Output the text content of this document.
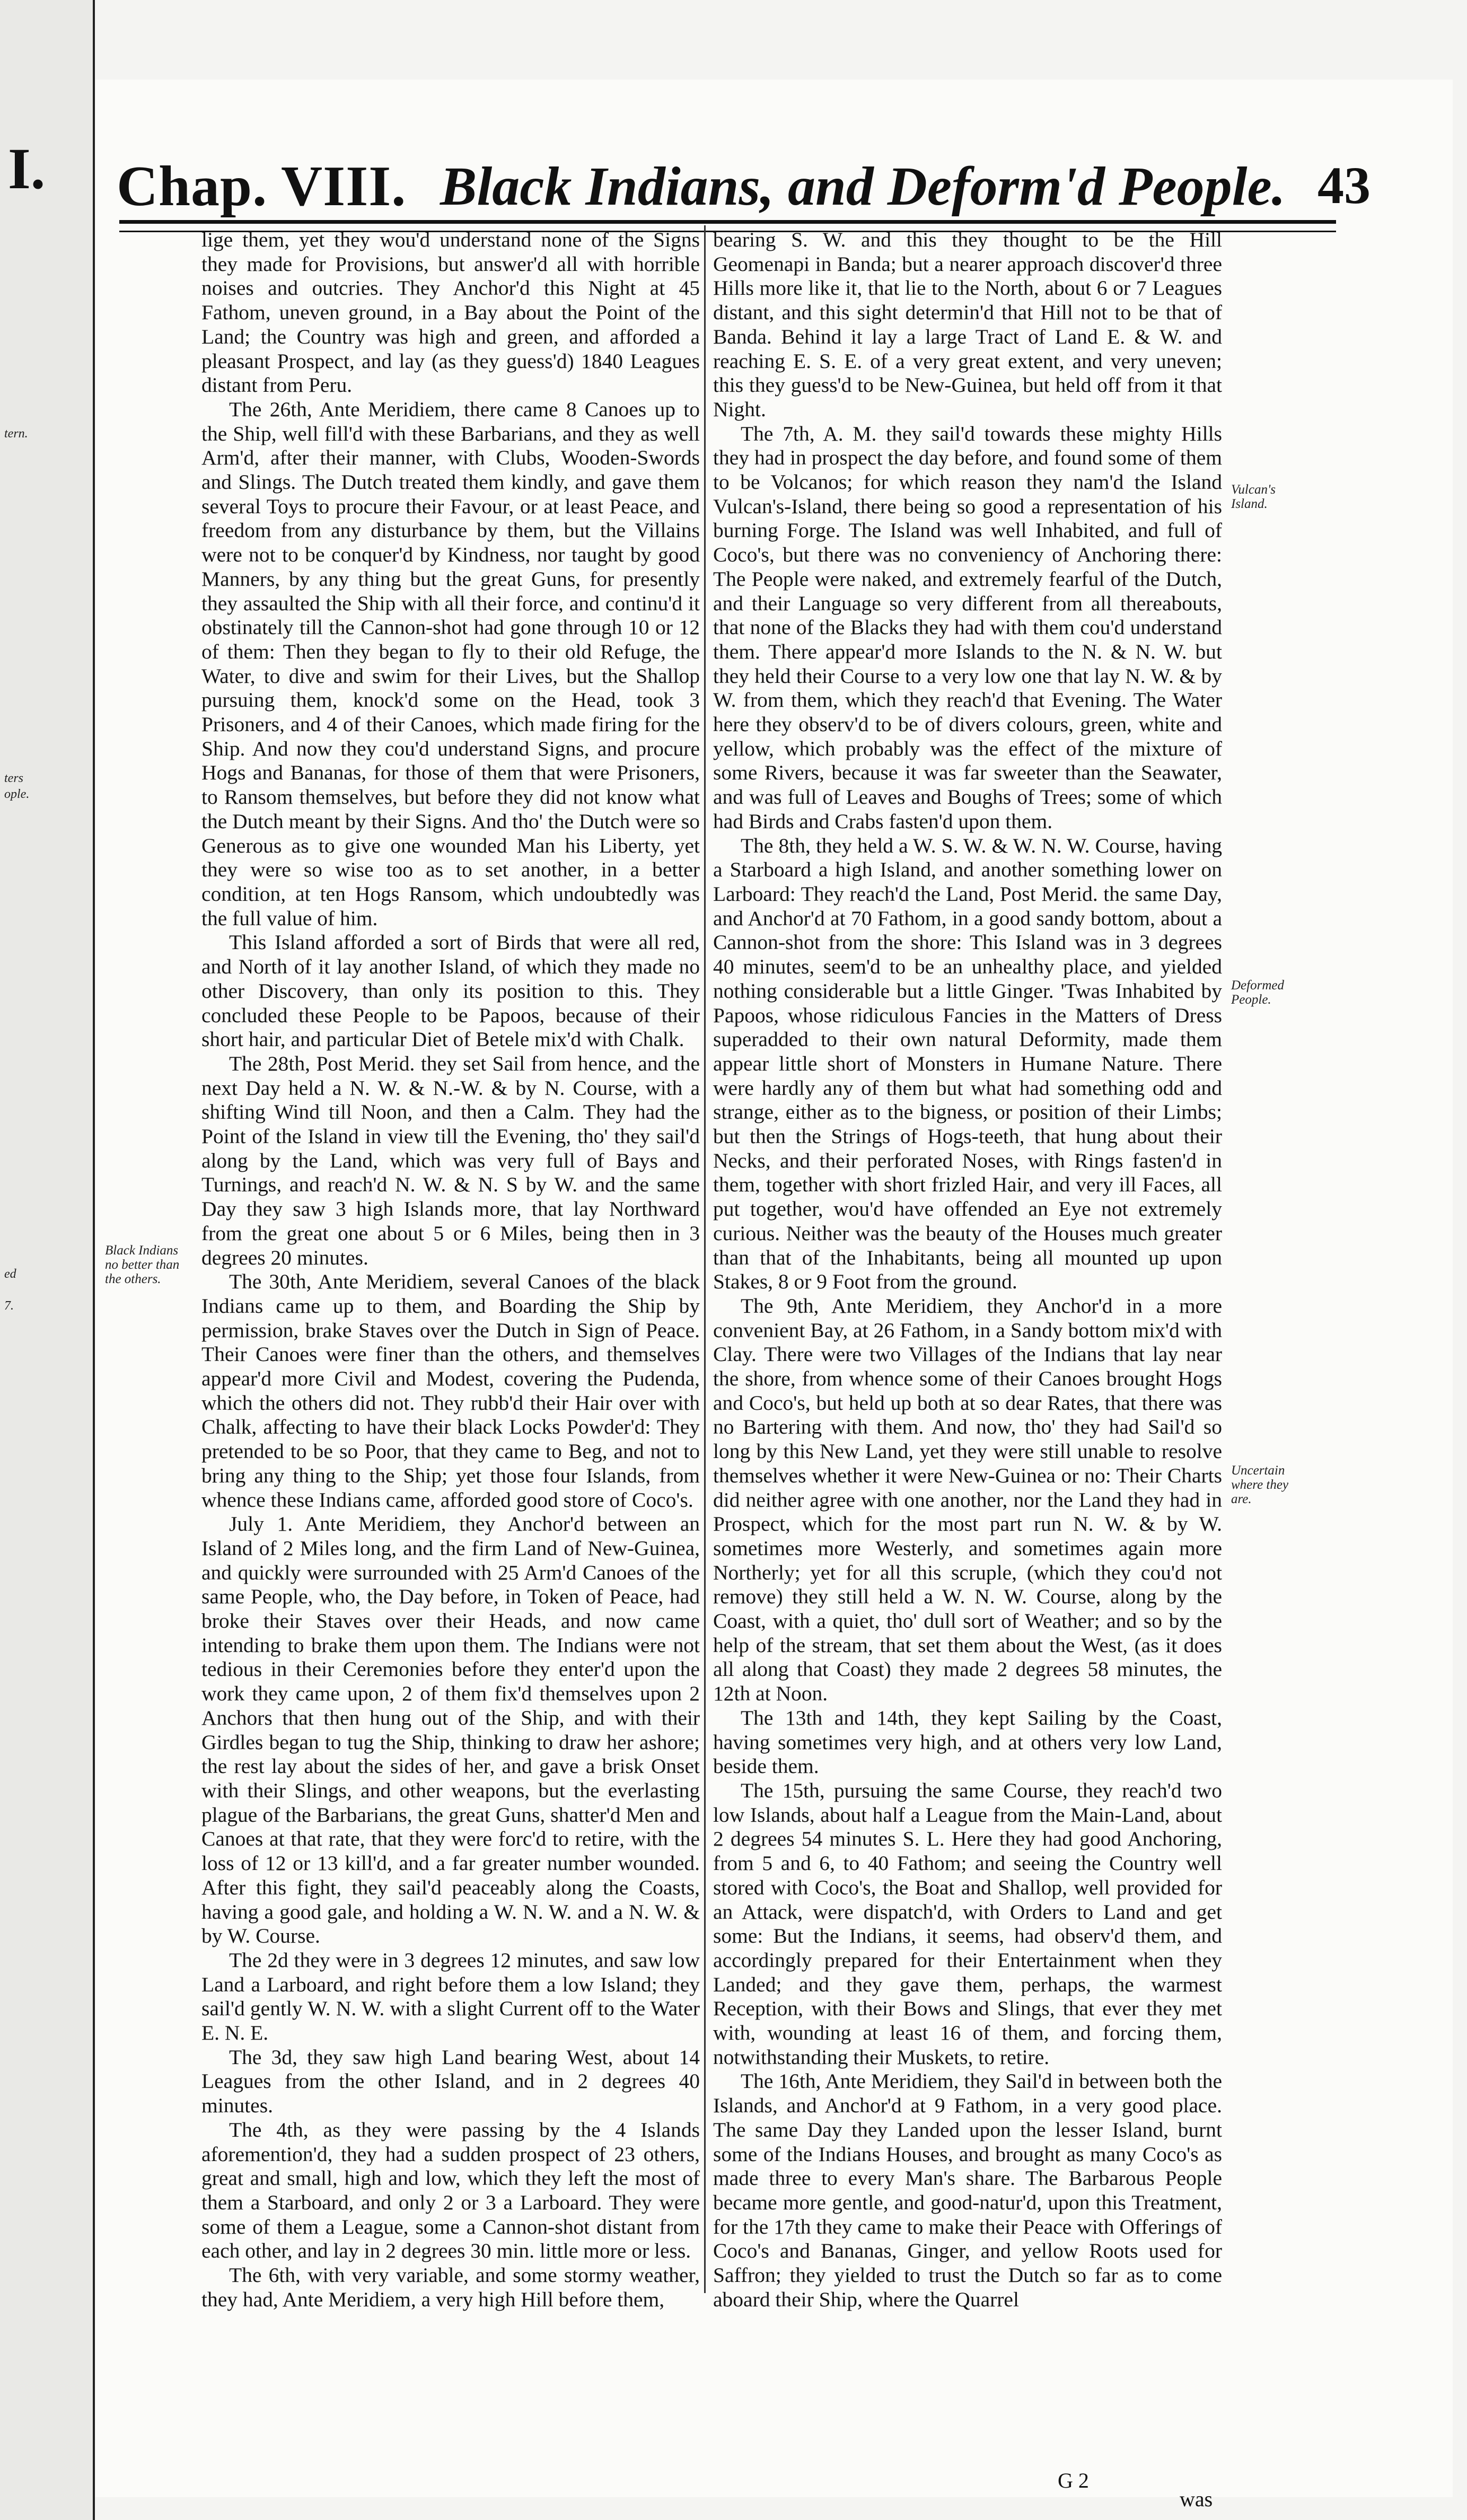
I.
tern.
ters
ople.
ed
7.
Chap. VIII. Black Indians, and Deform'd People. 43

lige them, yet they wou'd understand none of the Signs they made for Provisions, but answer'd all with horrible noises and outcries. They Anchor'd this Night at 45 Fathom, uneven ground, in a Bay about the Point of the Land; the Country was high and green, and afforded a pleasant Prospect, and lay (as they guess'd) 1840 Leagues distant from Peru.

The 26th, Ante Meridiem, there came 8 Canoes up to the Ship, well fill'd with these Barbarians, and they as well Arm'd, after their manner, with Clubs, Wooden-Swords and Slings. The Dutch treated them kindly, and gave them several Toys to procure their Favour, or at least Peace, and freedom from any disturbance by them, but the Villains were not to be conquer'd by Kindness, nor taught by good Manners, by any thing but the great Guns, for presently they assaulted the Ship with all their force, and continu'd it obstinately till the Cannon-shot had gone through 10 or 12 of them: Then they began to fly to their old Refuge, the Water, to dive and swim for their Lives, but the Shallop pursuing them, knock'd some on the Head, took 3 Prisoners, and 4 of their Canoes, which made firing for the Ship. And now they cou'd understand Signs, and procure Hogs and Bananas, for those of them that were Prisoners, to Ransom themselves, but before they did not know what the Dutch meant by their Signs. And tho' the Dutch were so Generous as to give one wounded Man his Liberty, yet they were so wise too as to set another, in a better condition, at ten Hogs Ransom, which undoubtedly was the full value of him.

This Island afforded a sort of Birds that were all red, and North of it lay another Island, of which they made no other Discovery, than only its position to this. They concluded these People to be Papoos, because of their short hair, and particular Diet of Betele mix'd with Chalk.

The 28th, Post Merid. they set Sail from hence, and the next Day held a N. W. & N.-W. & by N. Course, with a shifting Wind till Noon, and then a Calm. They had the Point of the Island in view till the Evening, tho' they sail'd along by the Land, which was very full of Bays and Turnings, and reach'd N. W. & N. S by W. and the same Day they saw 3 high Islands more, that lay Northward from the great one about 5 or 6 Miles, being then in 3 degrees 20 minutes.

The 30th, Ante Meridiem, several Canoes of the black Indians came up to them, and Boarding the Ship by permission, brake Staves over the Dutch in Sign of Peace. Their Canoes were finer than the others, and themselves appear'd more Civil and Modest, covering the Pudenda, which the others did not. They rubb'd their Hair over with Chalk, affecting to have their black Locks Powder'd: They pretended to be so Poor, that they came to Beg, and not to bring any thing to the Ship; yet those four Islands, from whence these Indians came, afforded good store of Coco's.

July 1. Ante Meridiem, they Anchor'd between an Island of 2 Miles long, and the firm Land of New-Guinea, and quickly were surrounded with 25 Arm'd Canoes of the same People, who, the Day before, in Token of Peace, had broke their Staves over their Heads, and now came intending to brake them upon them. The Indians were not tedious in their Ceremonies before they enter'd upon the work they came upon, 2 of them fix'd themselves upon 2 Anchors that then hung out of the Ship, and with their Girdles began to tug the Ship, thinking to draw her ashore; the rest lay about the sides of her, and gave a brisk Onset with their Slings, and other weapons, but the everlasting plague of the Barbarians, the great Guns, shatter'd Men and Canoes at that rate, that they were forc'd to retire, with the loss of 12 or 13 kill'd, and a far greater number wounded. After this fight, they sail'd peaceably along the Coasts, having a good gale, and holding a W. N. W. and a N. W. & by W. Course.

The 2d they were in 3 degrees 12 minutes, and saw low Land a Larboard, and right before them a low Island; they sail'd gently W. N. W. with a slight Current off to the Water E. N. E.

The 3d, they saw high Land bearing West, about 14 Leagues from the other Island, and in 2 degrees 40 minutes.

The 4th, as they were passing by the 4 Islands aforemention'd, they had a sudden prospect of 23 others, great and small, high and low, which they left the most of them a Starboard, and only 2 or 3 a Larboard. They were some of them a League, some a Cannon-shot distant from each other, and lay in 2 degrees 30 min. little more or less.

The 6th, with very variable, and some stormy weather, they had, Ante Meridiem, a very high Hill before them,

bearing S. W. and this they thought to be the Hill Geomenapi in Banda; but a nearer approach discover'd three Hills more like it, that lie to the North, about 6 or 7 Leagues distant, and this sight determin'd that Hill not to be that of Banda. Behind it lay a large Tract of Land E. & W. and reaching E. S. E. of a very great extent, and very uneven; this they guess'd to be New-Guinea, but held off from it that Night.

The 7th, A. M. they sail'd towards these mighty Hills they had in prospect the day before, and found some of them to be Volcanos; for which reason they nam'd the Island Vulcan's-Island, there being so good a representation of his burning Forge. The Island was well Inhabited, and full of Coco's, but there was no conveniency of Anchoring there: The People were naked, and extremely fearful of the Dutch, and their Language so very different from all thereabouts, that none of the Blacks they had with them cou'd understand them. There appear'd more Islands to the N. & N. W. but they held their Course to a very low one that lay N. W. & by W. from them, which they reach'd that Evening. The Water here they observ'd to be of divers colours, green, white and yellow, which probably was the effect of the mixture of some Rivers, because it was far sweeter than the Seawater, and was full of Leaves and Boughs of Trees; some of which had Birds and Crabs fasten'd upon them.

The 8th, they held a W. S. W. & W. N. W. Course, having a Starboard a high Island, and another something lower on Larboard: They reach'd the Land, Post Merid. the same Day, and Anchor'd at 70 Fathom, in a good sandy bottom, about a Cannon-shot from the shore: This Island was in 3 degrees 40 minutes, seem'd to be an unhealthy place, and yielded nothing considerable but a little Ginger. 'Twas Inhabited by Papoos, whose ridiculous Fancies in the Matters of Dress superadded to their own natural Deformity, made them appear little short of Monsters in Humane Nature. There were hardly any of them but what had something odd and strange, either as to the bigness, or position of their Limbs; but then the Strings of Hogs-teeth, that hung about their Necks, and their perforated Noses, with Rings fasten'd in them, together with short frizled Hair, and very ill Faces, all put together, wou'd have offended an Eye not extremely curious. Neither was the beauty of the Houses much greater than that of the Inhabitants, being all mounted up upon Stakes, 8 or 9 Foot from the ground.

The 9th, Ante Meridiem, they Anchor'd in a more convenient Bay, at 26 Fathom, in a Sandy bottom mix'd with Clay. There were two Villages of the Indians that lay near the shore, from whence some of their Canoes brought Hogs and Coco's, but held up both at so dear Rates, that there was no Bartering with them. And now, tho' they had Sail'd so long by this New Land, yet they were still unable to resolve themselves whether it were New-Guinea or no: Their Charts did neither agree with one another, nor the Land they had in Prospect, which for the most part run N. W. & by W. sometimes more Westerly, and sometimes again more Northerly; yet for all this scruple, (which they cou'd not remove) they still held a W. N. W. Course, along by the Coast, with a quiet, tho' dull sort of Weather; and so by the help of the stream, that set them about the West, (as it does all along that Coast) they made 2 degrees 58 minutes, the 12th at Noon.

The 13th and 14th, they kept Sailing by the Coast, having sometimes very high, and at others very low Land, beside them.

The 15th, pursuing the same Course, they reach'd two low Islands, about half a League from the Main-Land, about 2 degrees 54 minutes S. L. Here they had good Anchoring, from 5 and 6, to 40 Fathom; and seeing the Country well stored with Coco's, the Boat and Shallop, well provided for an Attack, were dispatch'd, with Orders to Land and get some: But the Indians, it seems, had observ'd them, and accordingly prepared for their Entertainment when they Landed; and they gave them, perhaps, the warmest Reception, with their Bows and Slings, that ever they met with, wounding at least 16 of them, and forcing them, notwithstanding their Muskets, to retire.

The 16th, Ante Meridiem, they Sail'd in between both the Islands, and Anchor'd at 9 Fathom, in a very good place. The same Day they Landed upon the lesser Island, burnt some of the Indians Houses, and brought as many Coco's as made three to every Man's share. The Barbarous People became more gentle, and good-natur'd, upon this Treatment, for the 17th they came to make their Peace with Offerings of Coco's and Bananas, Ginger, and yellow Roots used for Saffron; they yielded to trust the Dutch so far as to come aboard their Ship, where the Quarrel

Black Indians no better than the others.
Vulcan's Island.
Deformed People.
Uncertain where they are.
G 2
was
